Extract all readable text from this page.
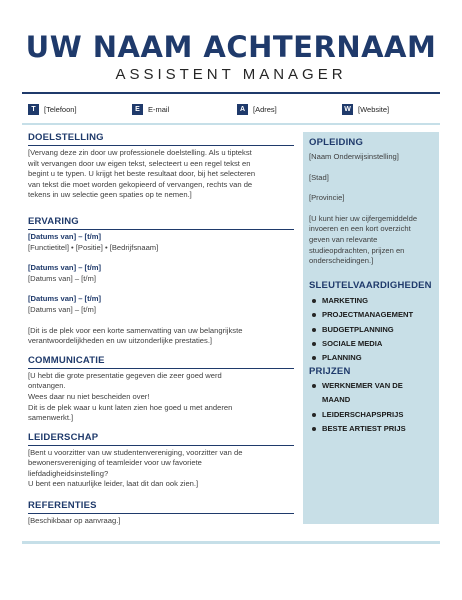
UW NAAM ACHTERNAAM
ASSISTENT MANAGER
T	[Telefoon]	E	E-mail	A	[Adres]	W [Website]
DOELSTELLING

[Vervang deze zin door uw professionele doelstelling. Als u tiptekst

wilt vervangen door uw eigen tekst, selecteert u een regel tekst en

begint u te typen. U krijgt het beste resultaat door, bij het selecteren

van tekst die moet worden gekopieerd of vervangen, rechts van de

tekens in uw selectie geen spaties op te nemen.]

ERVARING

[Datums van] – [t/m]

[Functietitel] • [Positie] • [Bedrijfsnaam]

[Datums van] – [t/m]

[Datums van] – [t/m]

[Datums van] – [t/m]

[Datums van] – [t/m]

[Dit is de plek voor een korte samenvatting van uw belangrijkste

verantwoordelijkheden en uw uitzonderlijke prestaties.]

COMMUNICATIE

[U hebt die grote presentatie gegeven die zeer goed werd

ontvangen.

Wees daar nu niet bescheiden over!

Dit is de plek waar u kunt laten zien hoe goed u met anderen

samenwerkt.]

LEIDERSCHAP

[Bent u voorzitter van uw studentenvereniging, voorzitter van de

bewonersvereniging of teamleider voor uw favoriete

liefdadigheidsinstelling?

U bent een natuurlijke leider, laat dit dan ook zien.]

REFERENTIES

[Beschikbaar op aanvraag.]

OPLEIDING

[Naam Onderwijsinstelling]

[Stad]

[Provincie]

[U kunt hier uw cijfergemiddelde

invoeren en een kort overzicht

geven van relevante

studieopdrachten, prijzen en

onderscheidingen.]

SLEUTELVAARDIGHEDEN
MARKETING
PROJECTMANAGEMENT
BUDGETPLANNING
SOCIALE MEDIA
PLANNING
PRIJZEN
WERKNEMER VAN DE
MAAND
LEIDERSCHAPSPRIJS
BESTE ARTIEST PRIJS
